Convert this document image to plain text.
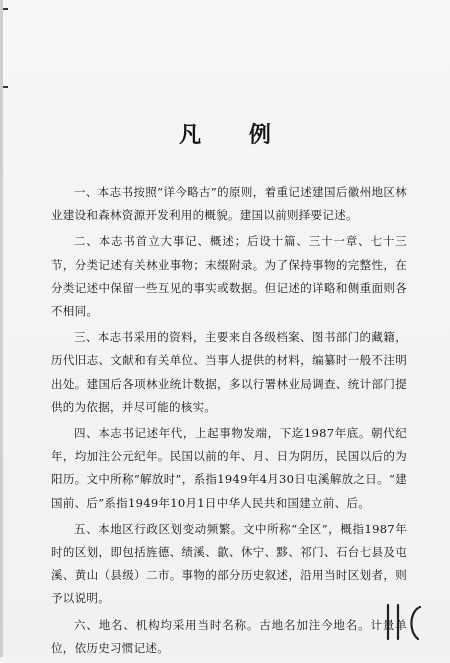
凡 例

一、本志书按照“详今略古”的原则，着重记述建国后徽州地区林业建设和森林资源开发利用的概貌。建国以前则择要记述。

二、本志书首立大事记、概述；后设十篇、三十一章、七十三节，分类记述有关林业事物；末缀附录。为了保持事物的完整性，在分类记述中保留一些互见的事实或数据。但记述的详略和侧重面则各不相同。

三、本志书采用的资料，主要来自各级档案、图书部门的藏籍，历代旧志、文献和有关单位、当事人提供的材料，编纂时一般不注明出处。建国后各项林业统计数据，多以行署林业局调查、统计部门提供的为依据，并尽可能的核实。

四、本志书记述年代，上起事物发端，下迄1987年底。朝代纪年，均加注公元纪年。民国以前的年、月、日为阴历，民国以后的为阳历。文中所称“解放时”，系指1949年4月30日屯溪解放之日。“建国前、后”系指1949年10月1日中华人民共和国建立前、后。

五、本地区行政区划变动频繁。文中所称“全区”，概指1987年时的区划，即包括旌德、绩溪、歙、休宁、黟、祁门、石台七县及屯溪、黄山（县级）二市。事物的部分历史叙述，沿用当时区划者，则予以说明。

六、地名、机构均采用当时名称。古地名加注今地名。计量单位，依历史习惯记述。
